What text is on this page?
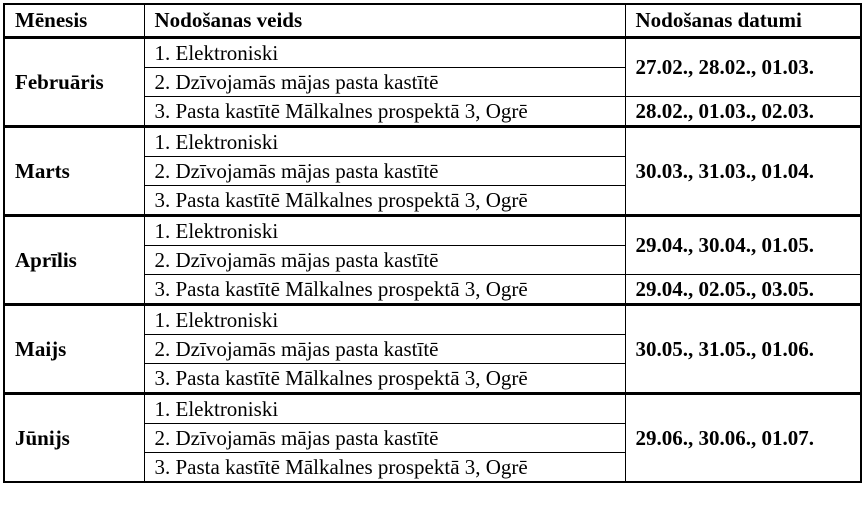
Mēnesis	Nodošanas veids	Nodošanas datumi
Februāris	1. Elektroniski	27.02., 28.02., 01.03.
	2. Dzīvojamās mājas pasta kastītē	
	3. Pasta kastītē Mālkalnes prospektā 3, Ogrē	28.02., 01.03., 02.03.
Marts	1. Elektroniski	30.03., 31.03., 01.04.
	2. Dzīvojamās mājas pasta kastītē	
	3. Pasta kastītē Mālkalnes prospektā 3, Ogrē	
Aprīlis	1. Elektroniski	29.04., 30.04., 01.05.
	2. Dzīvojamās mājas pasta kastītē	
	3. Pasta kastītē Mālkalnes prospektā 3, Ogrē	29.04., 02.05., 03.05.
Maijs	1. Elektroniski	30.05., 31.05., 01.06.
	2. Dzīvojamās mājas pasta kastītē	
	3. Pasta kastītē Mālkalnes prospektā 3, Ogrē	
Jūnijs	1. Elektroniski	29.06., 30.06., 01.07.
	2. Dzīvojamās mājas pasta kastītē	
	3. Pasta kastītē Mālkalnes prospektā 3, Ogrē	
